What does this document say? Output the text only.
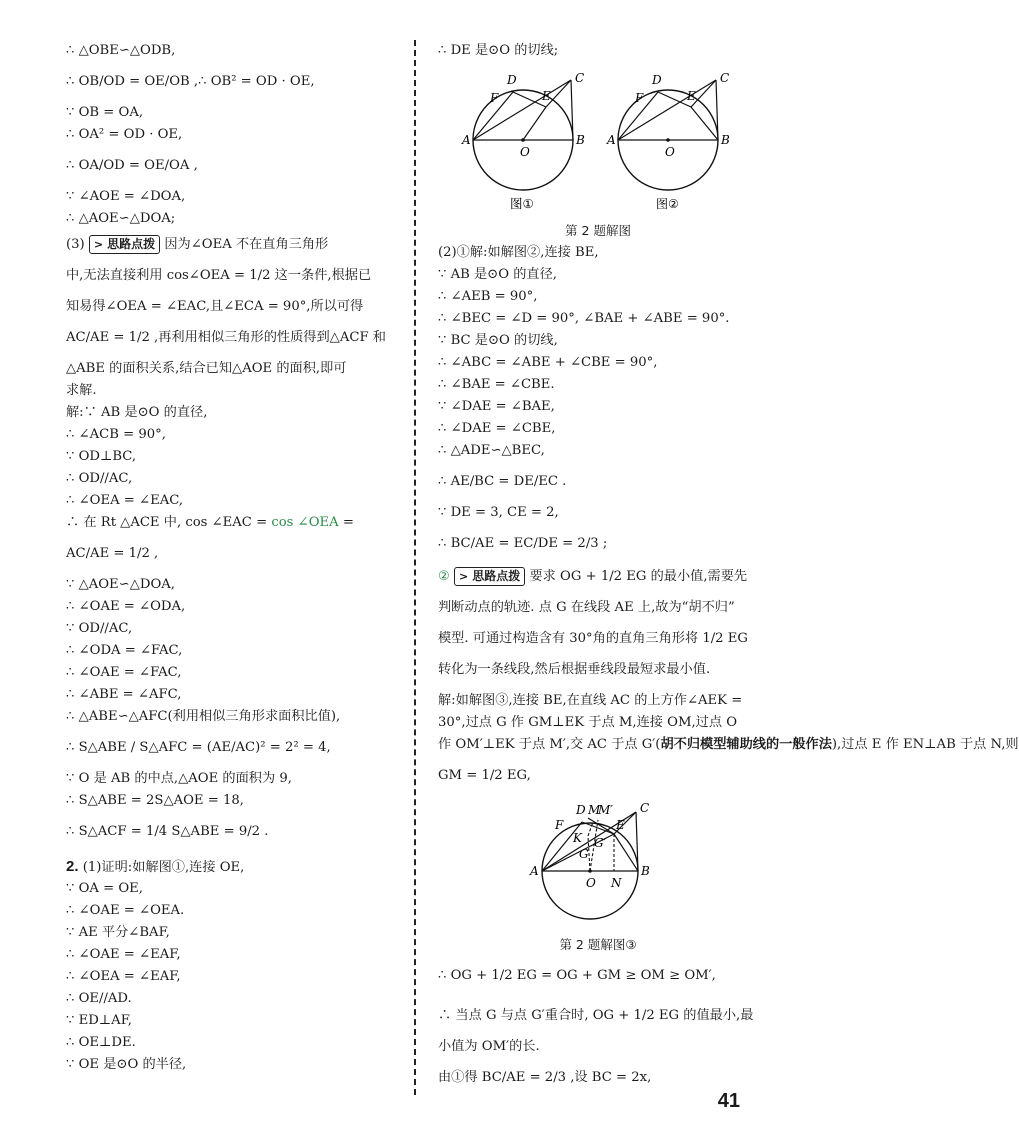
∴ △OBE∽△ODB,
∴ OB/OD = OE/OB ,∴ OB² = OD · OE,
∵ OB = OA,
∴ OA² = OD · OE,
∴ OA/OD = OE/OA ,
∵ ∠AOE = ∠DOA,
∴ △AOE∽△DOA;
(3) > 思路点拨 因为∠OEA 不在直角三角形
中,无法直接利用 cos∠OEA = 1/2 这一条件,根据已
知易得∠OEA = ∠EAC,且∠ECA = 90°,所以可得
AC/AE = 1/2 ,再利用相似三角形的性质得到△ACF 和
△ABE 的面积关系,结合已知△AOE 的面积,即可
求解.
解:∵ AB 是⊙O 的直径,
∴ ∠ACB = 90°,
∵ OD⊥BC,
∴ OD//AC,
∴ ∠OEA = ∠EAC,
∴ 在 Rt △ACE 中, cos ∠EAC = cos ∠OEA =
AC/AE = 1/2 ,
∵ △AOE∽△DOA,
∴ ∠OAE = ∠ODA,
∵ OD//AC,
∴ ∠ODA = ∠FAC,
∴ ∠OAE = ∠FAC,
∴ ∠ABE = ∠AFC,
∴ △ABE∽△AFC(利用相似三角形求面积比值),
∴ S△ABE / S△AFC = (AE/AC)² = 2² = 4,
∵ O 是 AB 的中点,△AOE 的面积为 9,
∴ S△ABE = 2S△AOE = 18,
∴ S△ACF = 1/4 S△ABE = 9/2 .
2. (1)证明:如解图①,连接 OE,
∵ OA = OE,
∴ ∠OAE = ∠OEA.
∵ AE 平分∠BAF,
∴ ∠OAE = ∠EAF,
∴ ∠OEA = ∠EAF,
∴ OE//AD.
∵ ED⊥AF,
∴ OE⊥DE.
∵ OE 是⊙O 的半径,
∴ DE 是⊙O 的切线;
D
F	E
C
A
O
B
图①
D
F	E
C
A
O
B
图②
第 2 题解图
(2)①解:如解图②,连接 BE,
∵ AB 是⊙O 的直径,
∴ ∠AEB = 90°,
∴ ∠BEC = ∠D = 90°, ∠BAE + ∠ABE = 90°.
∵ BC 是⊙O 的切线,
∴ ∠ABC = ∠ABE + ∠CBE = 90°,
∴ ∠BAE = ∠CBE.
∵ ∠DAE = ∠BAE,
∴ ∠DAE = ∠CBE,
∴ △ADE∽△BEC,
∴ AE/BC = DE/EC .
∵ DE = 3, CE = 2,
∴ BC/AE = EC/DE = 2/3 ;
② > 思路点拨 要求 OG + 1/2 EG 的最小值,需要先
判断动点的轨迹. 点 G 在线段 AE 上,故为“胡不归”
模型. 可通过构造含有 30°角的直角三角形将 1/2 EG
转化为一条线段,然后根据垂线段最短求最小值.
解:如解图③,连接 BE,在直线 AC 的上方作∠AEK =
30°,过点 G 作 GM⊥EK 于点 M,连接 OM,过点 O
作 OM′⊥EK 于点 M′,交 AC 于点 G′(胡不归模型辅助线的一般作法),过点 E 作 EN⊥AB 于点 N,则
GM = 1/2 EG,
D M
M′
F	E
C
K G′
G
A
O N
B
第 2 题解图③
∴ OG + 1/2 EG = OG + GM ≥ OM ≥ OM′,
∴ 当点 G 与点 G′重合时, OG + 1/2 EG 的值最小,最
小值为 OM′的长.
由①得 BC/AE = 2/3 ,设 BC = 2x,
41
